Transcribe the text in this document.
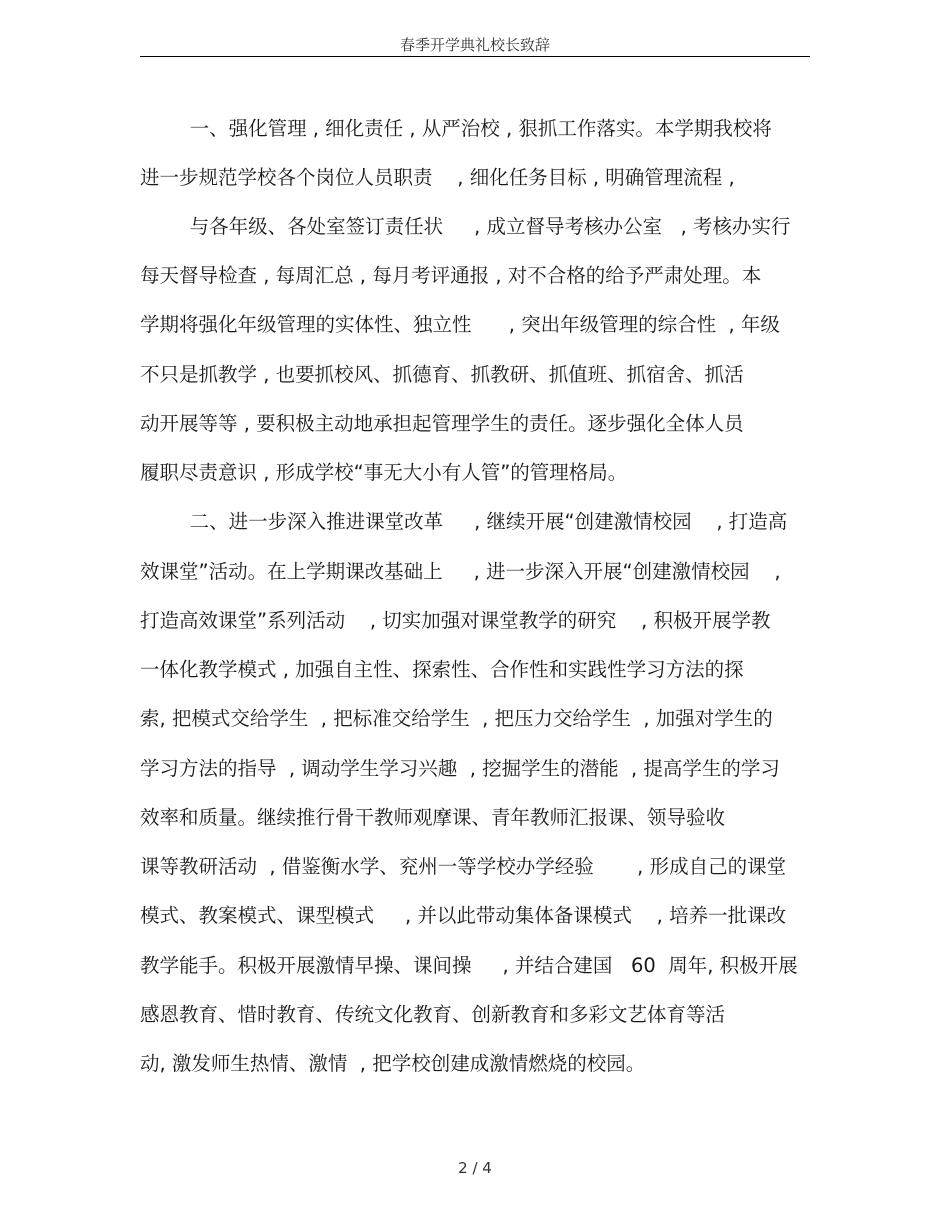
春季开学典礼校长致辞
一、强化管理 , 细化责任 , 从严治校 , 狠抓工作落实。本学期我校将
进一步规范学校各个岗位人员职责    , 细化任务目标 , 明确管理流程 ,
与各年级、各处室签订责任状     , 成立督导考核办公室   , 考核办实行
每天督导检查 , 每周汇总 , 每月考评通报 , 对不合格的给予严肃处理。本
学期将强化年级管理的实体性、独立性      , 突出年级管理的综合性  , 年级
不只是抓教学 , 也要抓校风、抓德育、抓教研、抓值班、抓宿舍、抓活
动开展等等 , 要积极主动地承担起管理学生的责任。逐步强化全体人员
履职尽责意识 , 形成学校“事无大小有人管”的管理格局。
二、进一步深入推进课堂改革     , 继续开展“创建激情校园    , 打造高
效课堂”活动。在上学期课改基础上     , 进一步深入开展“创建激情校园    ,
打造高效课堂”系列活动    , 切实加强对课堂教学的研究    , 积极开展学教
一体化教学模式 , 加强自主性、探索性、合作性和实践性学习方法的探
索, 把模式交给学生  , 把标准交给学生  , 把压力交给学生  , 加强对学生的
学习方法的指导  , 调动学生学习兴趣  , 挖掘学生的潜能  , 提高学生的学习
效率和质量。继续推行骨干教师观摩课、青年教师汇报课、领导验收
课等教研活动  , 借鉴衡水学、兖州一等学校办学经验       , 形成自己的课堂
模式、教案模式、课型模式     , 并以此带动集体备课模式    , 培养一批课改
教学能手。积极开展激情早操、课间操     , 并结合建国   60  周年, 积极开展
感恩教育、惜时教育、传统文化教育、创新教育和多彩文艺体育等活
动, 激发师生热情、激情  , 把学校创建成激情燃烧的校园。
2 / 4
